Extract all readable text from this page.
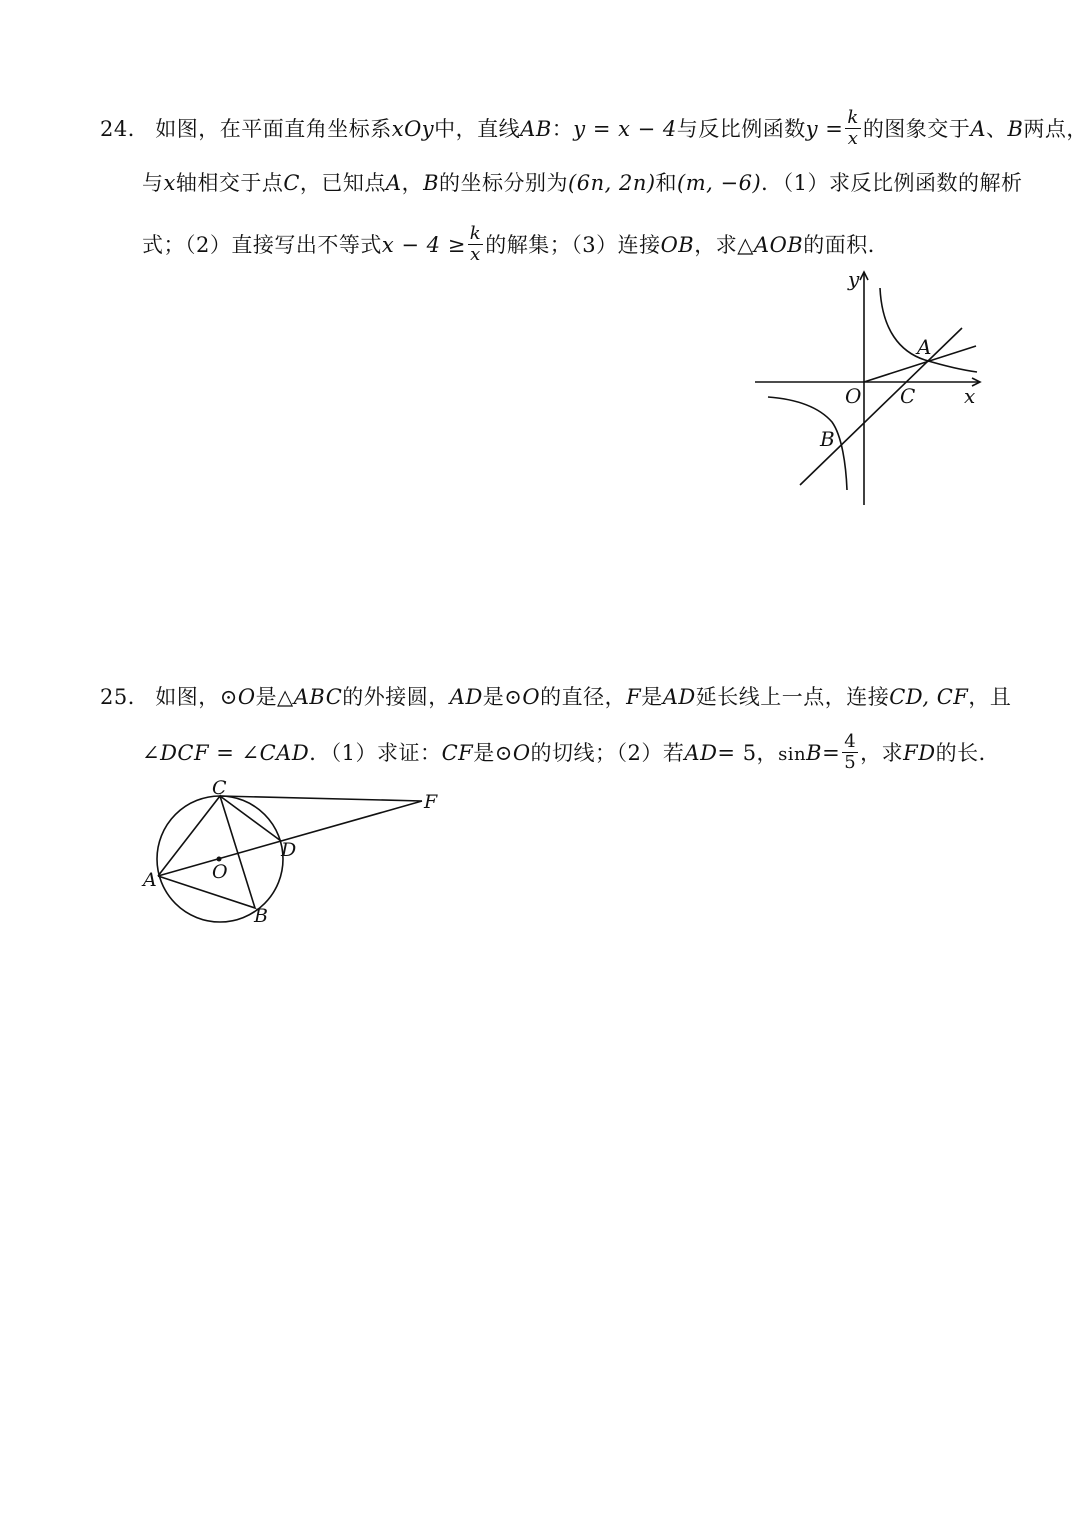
24． 如图，在平面直角坐标系xOy中，直线AB：y = x − 4与反比例函数$y = \frac{k}{x}$ 的图象交于A、B两点，
与x轴相交于点C，已知点A，B的坐标分别为(6n, 2n)和(m, −6)．（1）求反比例函数的解析
式；（2）直接写出不等式$x - 4 \ge \frac{k}{x}$ 的解集；（3）连接OB，求△AOB的面积．
y
x
O C
A
B
25． 如图，⊙O是△ABC的外接圆，AD是⊙O的直径，F是AD延长线上一点，连接CD, CF，且
∠DCF = ∠CAD．（1）求证：CF是⊙O的切线；（2）若AD= 5，$\sin B= \frac{4}{5}$ ，求FD的长．
C
F
D
O
A
B
